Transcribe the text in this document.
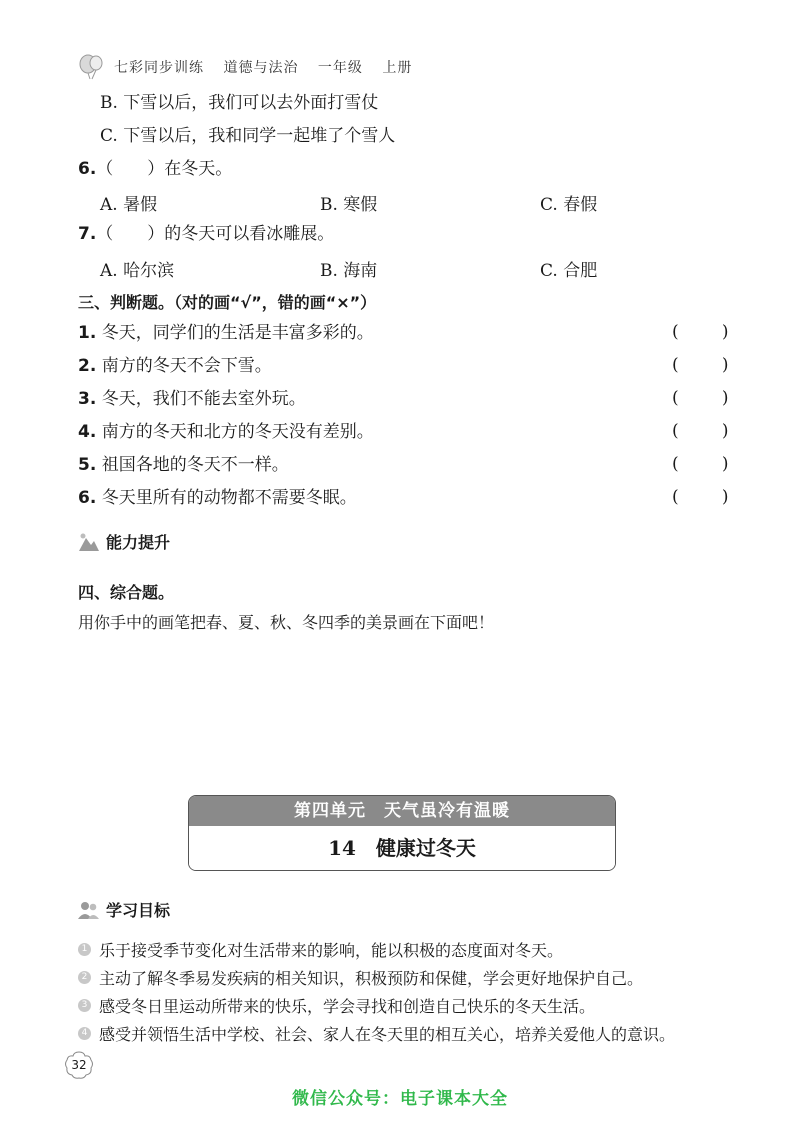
七彩同步训练 道德与法治 一年级 上册
B. 下雪以后，我们可以去外面打雪仗
C. 下雪以后，我和同学一起堆了个雪人
6.（ ）在冬天。
A. 暑假	B. 寒假	C. 春假
7.（ ）的冬天可以看冰雕展。
A. 哈尔滨	B. 海南	C. 合肥
三、判断题。（对的画“√”，错的画“×”）
1. 冬天，同学们的生活是丰富多彩的。	(        )
2. 南方的冬天不会下雪。	(        )
3. 冬天，我们不能去室外玩。	(        )
4. 南方的冬天和北方的冬天没有差别。	(        )
5. 祖国各地的冬天不一样。	(        )
6. 冬天里所有的动物都不需要冬眠。	(        )
能力提升
四、综合题。
用你手中的画笔把春、夏、秋、冬四季的美景画在下面吧！
第四单元　天气虽冷有温暖
14 健康过冬天
学习目标
1 乐于接受季节变化对生活带来的影响，能以积极的态度面对冬天。
2 主动了解冬季易发疾病的相关知识，积极预防和保健，学会更好地保护自己。
3 感受冬日里运动所带来的快乐，学会寻找和创造自己快乐的冬天生活。
4 感受并领悟生活中学校、社会、家人在冬天里的相互关心，培养关爱他人的意识。
32
微信公众号：电子课本大全
